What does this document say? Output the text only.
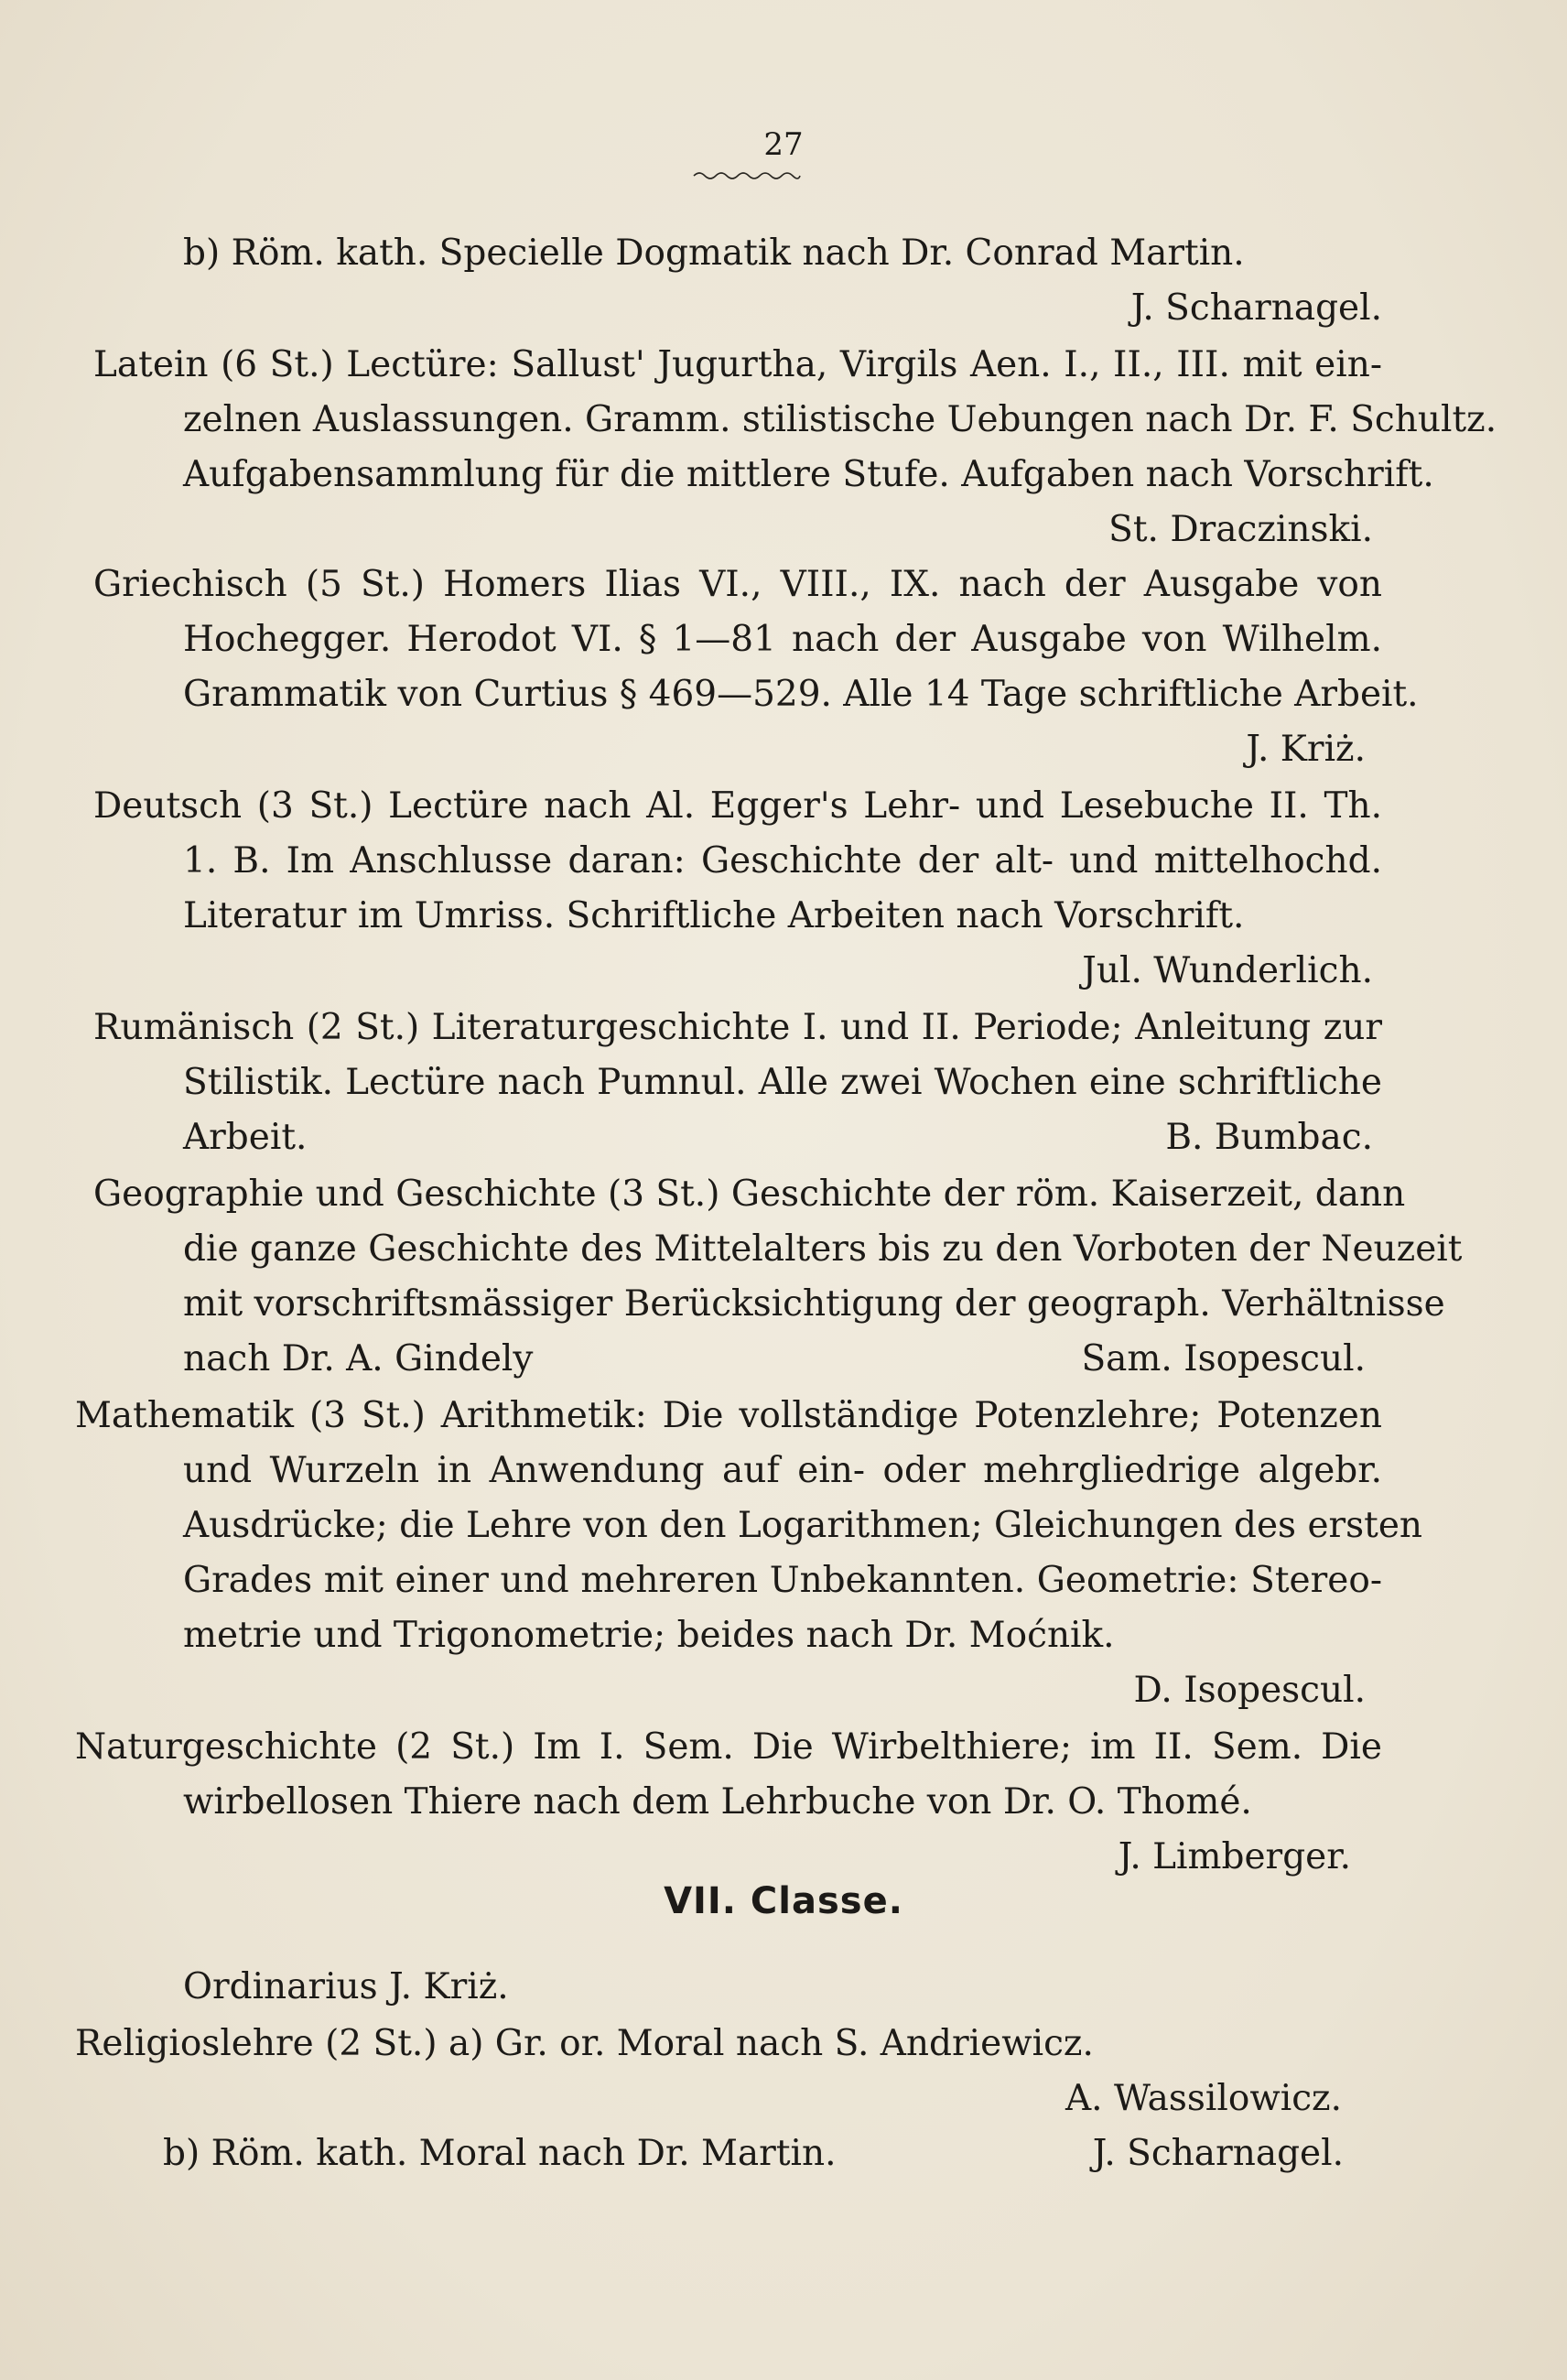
27
b) Röm. kath. Specielle Dogmatik nach Dr. Conrad Martin.
J. Scharnagel.
Latein (6 St.) Lectüre: Sallust' Jugurtha, Virgils Aen. I., II., III. mit ein-
zelnen Auslassungen. Gramm. stilistische Uebungen nach Dr. F. Schultz.
Aufgabensammlung für die mittlere Stufe. Aufgaben nach Vorschrift.
St. Draczinski.
Griechisch (5 St.) Homers Ilias VI., VIII., IX. nach der Ausgabe von
Hochegger. Herodot VI. § 1—81 nach der Ausgabe von Wilhelm.
Grammatik von Curtius § 469—529. Alle 14 Tage schriftliche Arbeit.
J. Kriż.
Deutsch (3 St.) Lectüre nach Al. Egger's Lehr- und Lesebuche II. Th.
1. B. Im Anschlusse daran: Geschichte der alt- und mittelhochd.
Literatur im Umriss. Schriftliche Arbeiten nach Vorschrift.
Jul. Wunderlich.
Rumänisch (2 St.) Literaturgeschichte I. und II. Periode; Anleitung zur
Stilistik. Lectüre nach Pumnul. Alle zwei Wochen eine schriftliche
Arbeit.	B. Bumbac.
Geographie und Geschichte (3 St.) Geschichte der röm. Kaiserzeit, dann
die ganze Geschichte des Mittelalters bis zu den Vorboten der Neuzeit
mit vorschriftsmässiger Berücksichtigung der geograph. Verhältnisse
nach Dr. A. Gindely	Sam. Isopescul.
Mathematik (3 St.) Arithmetik: Die vollständige Potenzlehre; Potenzen
und Wurzeln in Anwendung auf ein- oder mehrgliedrige algebr.
Ausdrücke; die Lehre von den Logarithmen; Gleichungen des ersten
Grades mit einer und mehreren Unbekannten. Geometrie: Stereo-
metrie und Trigonometrie; beides nach Dr. Moćnik.
D. Isopescul.
Naturgeschichte (2 St.) Im I. Sem. Die Wirbelthiere; im II. Sem. Die
wirbellosen Thiere nach dem Lehrbuche von Dr. O. Thomé.
J. Limberger.
VII. Classe.
Ordinarius J. Kriż.
Religioslehre (2 St.) a) Gr. or. Moral nach S. Andriewicz.
A. Wassilowicz.
b) Röm. kath. Moral nach Dr. Martin.	J. Scharnagel.
